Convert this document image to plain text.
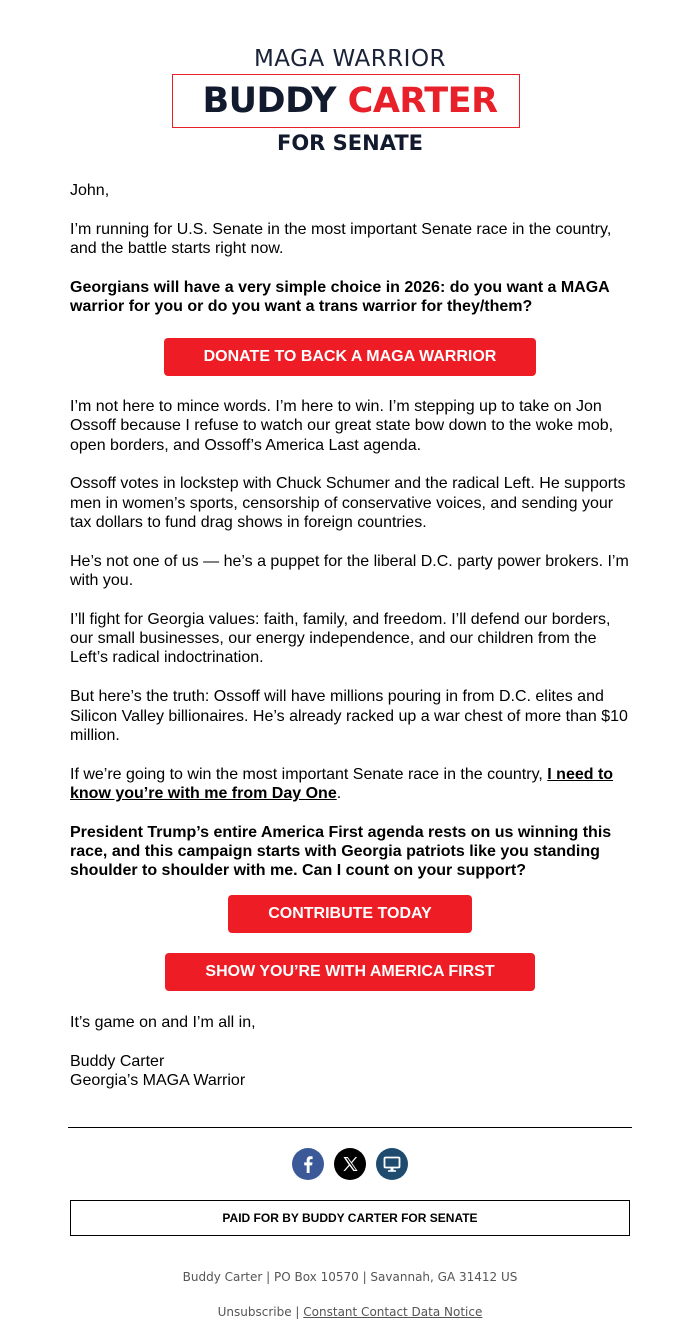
MAGA WARRIOR
BUDDY CARTER
FOR SENATE

John,

I’m running for U.S. Senate in the most important Senate race in the country, and the battle starts right now.

Georgians will have a very simple choice in 2026: do you want a MAGA warrior for you or do you want a trans warrior for they/them?

DONATE TO BACK A MAGA WARRIOR

I’m not here to mince words. I’m here to win. I’m stepping up to take on Jon Ossoff because I refuse to watch our great state bow down to the woke mob, open borders, and Ossoff’s America Last agenda.

Ossoff votes in lockstep with Chuck Schumer and the radical Left. He supports men in women’s sports, censorship of conservative voices, and sending your tax dollars to fund drag shows in foreign countries.

He’s not one of us — he’s a puppet for the liberal D.C. party power brokers. I’m with you.

I’ll fight for Georgia values: faith, family, and freedom. I’ll defend our borders, our small businesses, our energy independence, and our children from the Left’s radical indoctrination.

But here’s the truth: Ossoff will have millions pouring in from D.C. elites and Silicon Valley billionaires. He’s already racked up a war chest of more than $10 million.

If we’re going to win the most important Senate race in the country, I need to know you’re with me from Day One.

President Trump’s entire America First agenda rests on us winning this race, and this campaign starts with Georgia patriots like you standing shoulder to shoulder with me. Can I count on your support?

CONTRIBUTE TODAY
SHOW YOU’RE WITH AMERICA FIRST

It’s game on and I’m all in,

Buddy Carter
Georgia’s MAGA Warrior

PAID FOR BY BUDDY CARTER FOR SENATE
Buddy Carter | PO Box 10570 | Savannah, GA 31412 US
Unsubscribe | Constant Contact Data Notice
